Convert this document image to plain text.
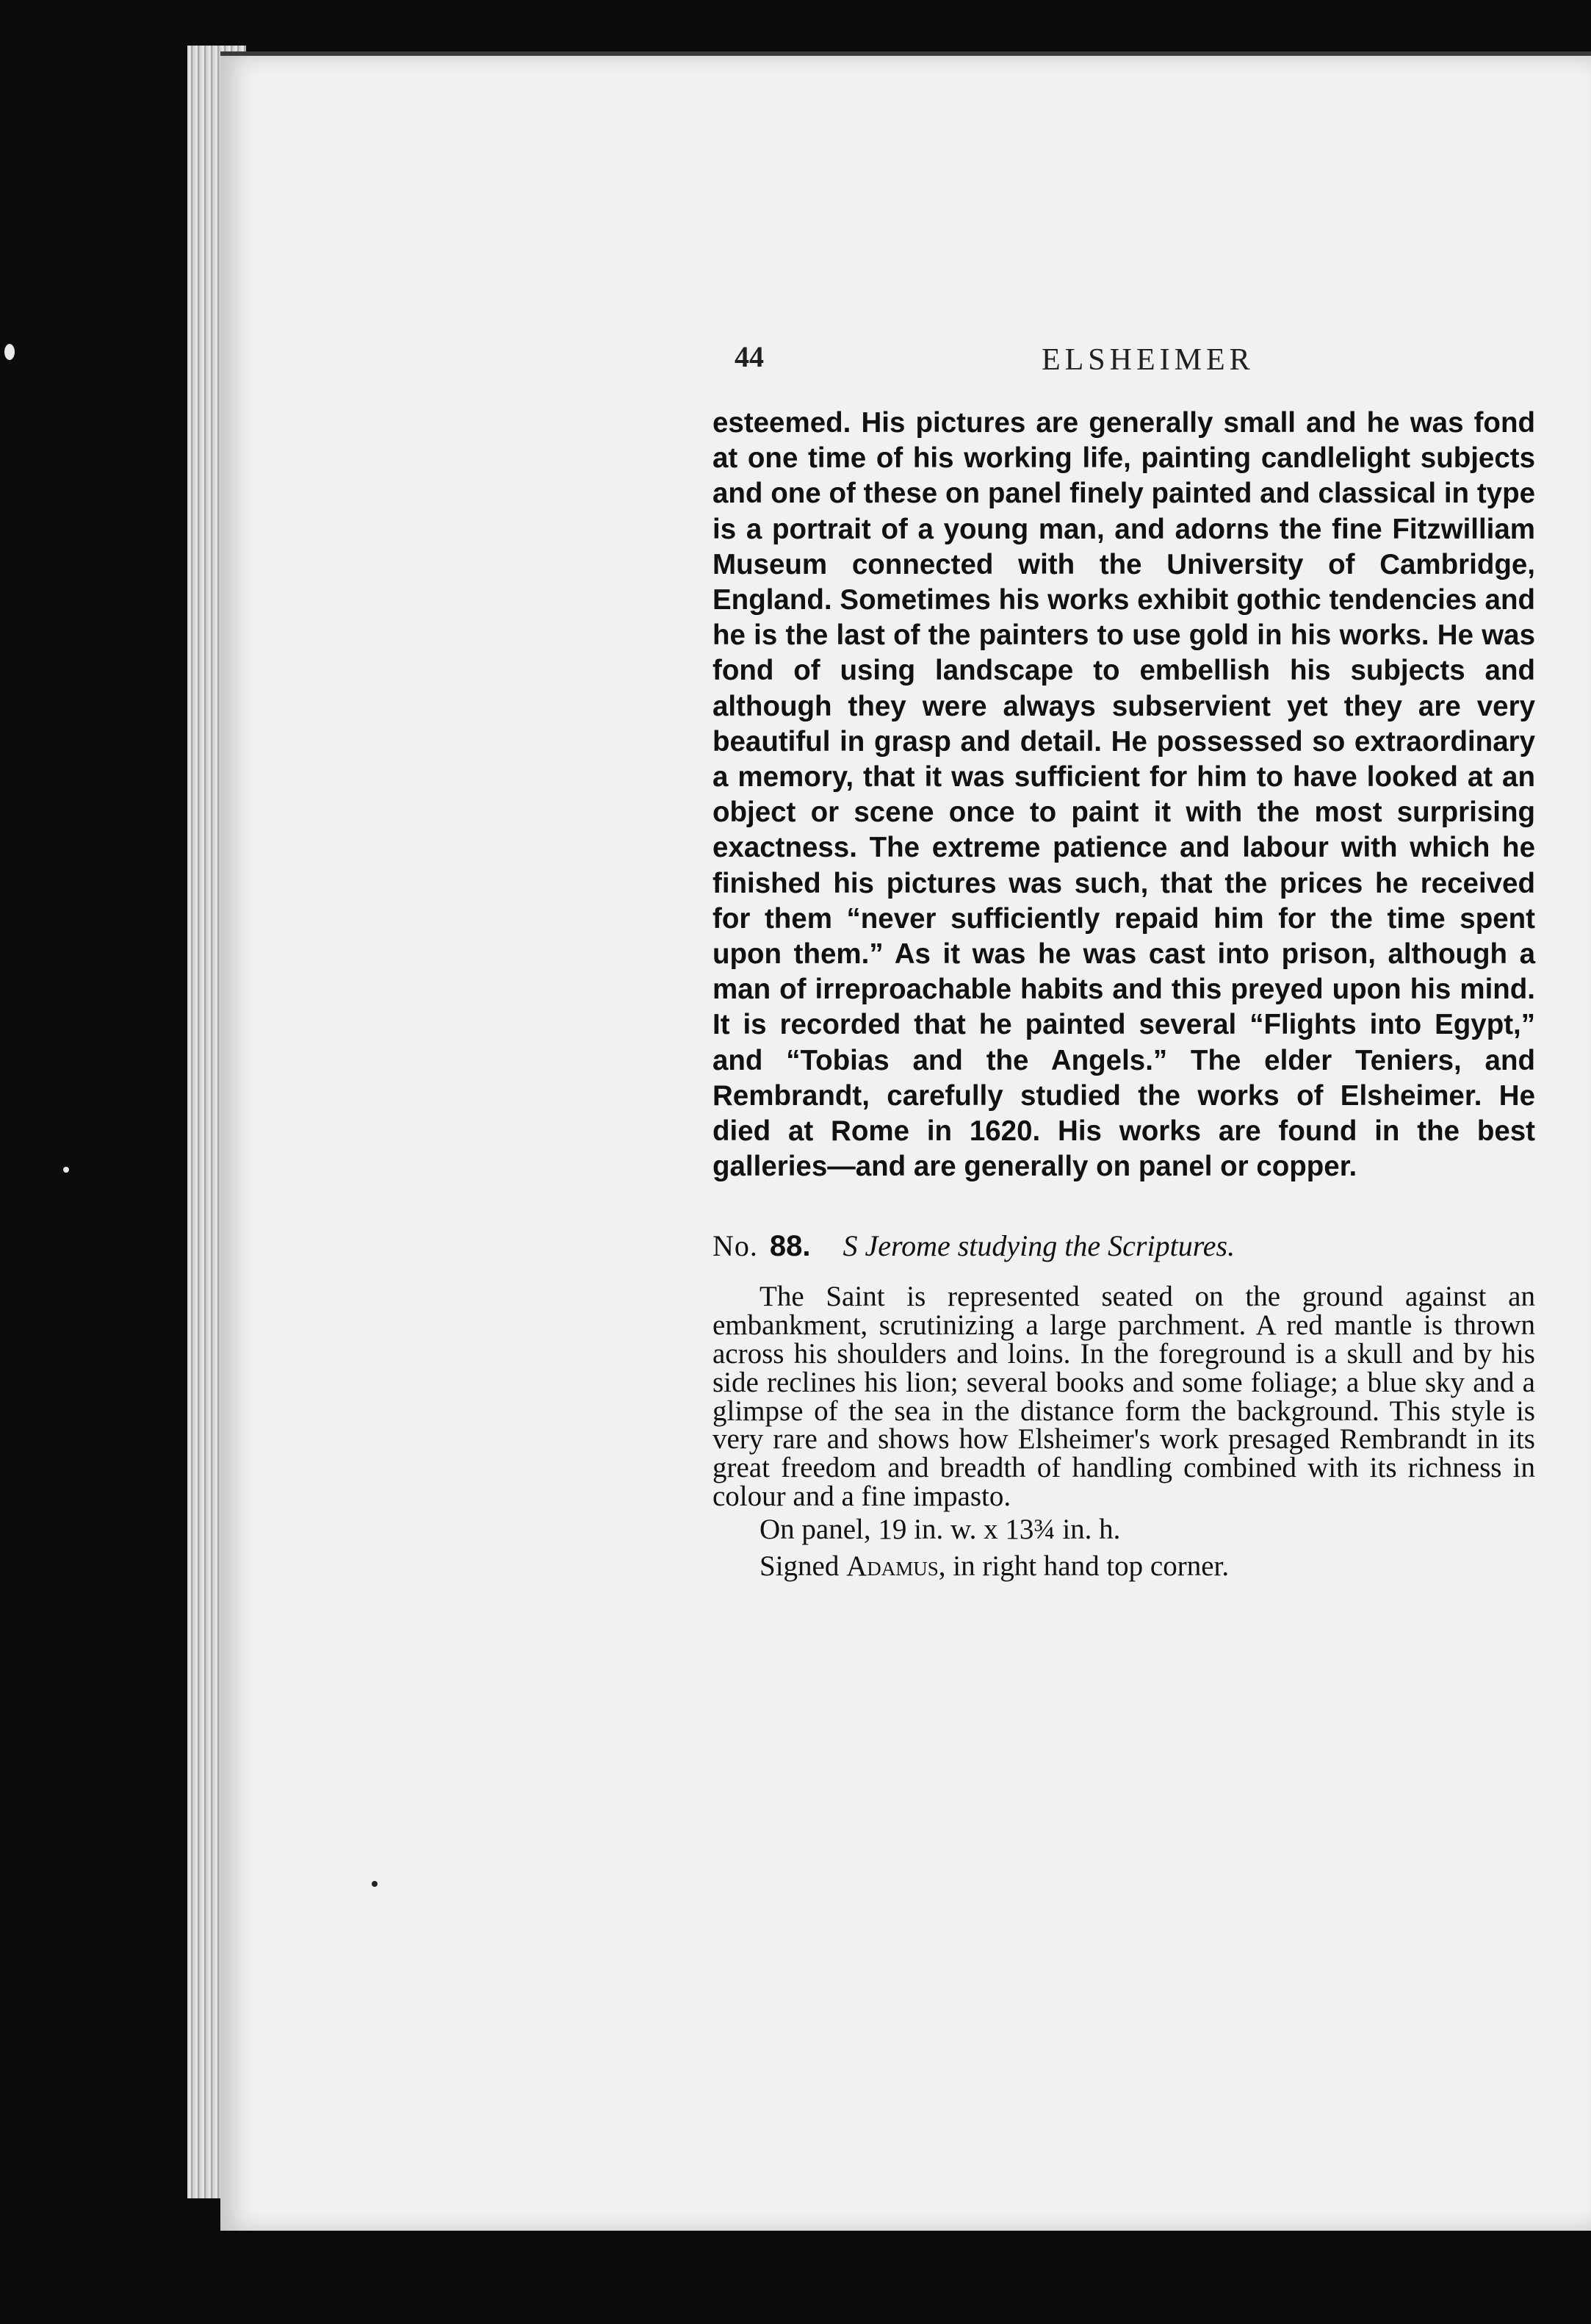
44	ELSHEIMER

esteemed. His pictures are generally small and he was fond at one time of his working life, painting candlelight subjects and one of these on panel finely painted and classical in type is a portrait of a young man, and adorns the fine Fitzwilliam Museum connected with the University of Cambridge, England. Sometimes his works exhibit gothic tendencies and he is the last of the painters to use gold in his works. He was fond of using landscape to embellish his subjects and although they were always subservient yet they are very beautiful in grasp and detail. He possessed so extraordinary a memory, that it was sufficient for him to have looked at an object or scene once to paint it with the most surprising exactness. The extreme patience and labour with which he finished his pictures was such, that the prices he received for them “never sufficiently repaid him for the time spent upon them.” As it was he was cast into prison, although a man of irreproachable habits and this preyed upon his mind. It is recorded that he painted several “Flights into Egypt,” and “Tobias and the Angels.” The elder Teniers, and Rembrandt, carefully studied the works of Elsheimer. He died at Rome in 1620. His works are found in the best galleries—and are generally on panel or copper.

No. 88. S Jerome studying the Scriptures.

The Saint is represented seated on the ground against an embankment, scrutinizing a large parchment. A red mantle is thrown across his shoulders and loins. In the foreground is a skull and by his side reclines his lion; several books and some foliage; a blue sky and a glimpse of the sea in the distance form the background. This style is very rare and shows how Elsheimer's work presaged Rembrandt in its great freedom and breadth of handling combined with its richness in colour and a fine impasto.

On panel, 19 in. w. x 13¾ in. h.

Signed Adamus, in right hand top corner.
